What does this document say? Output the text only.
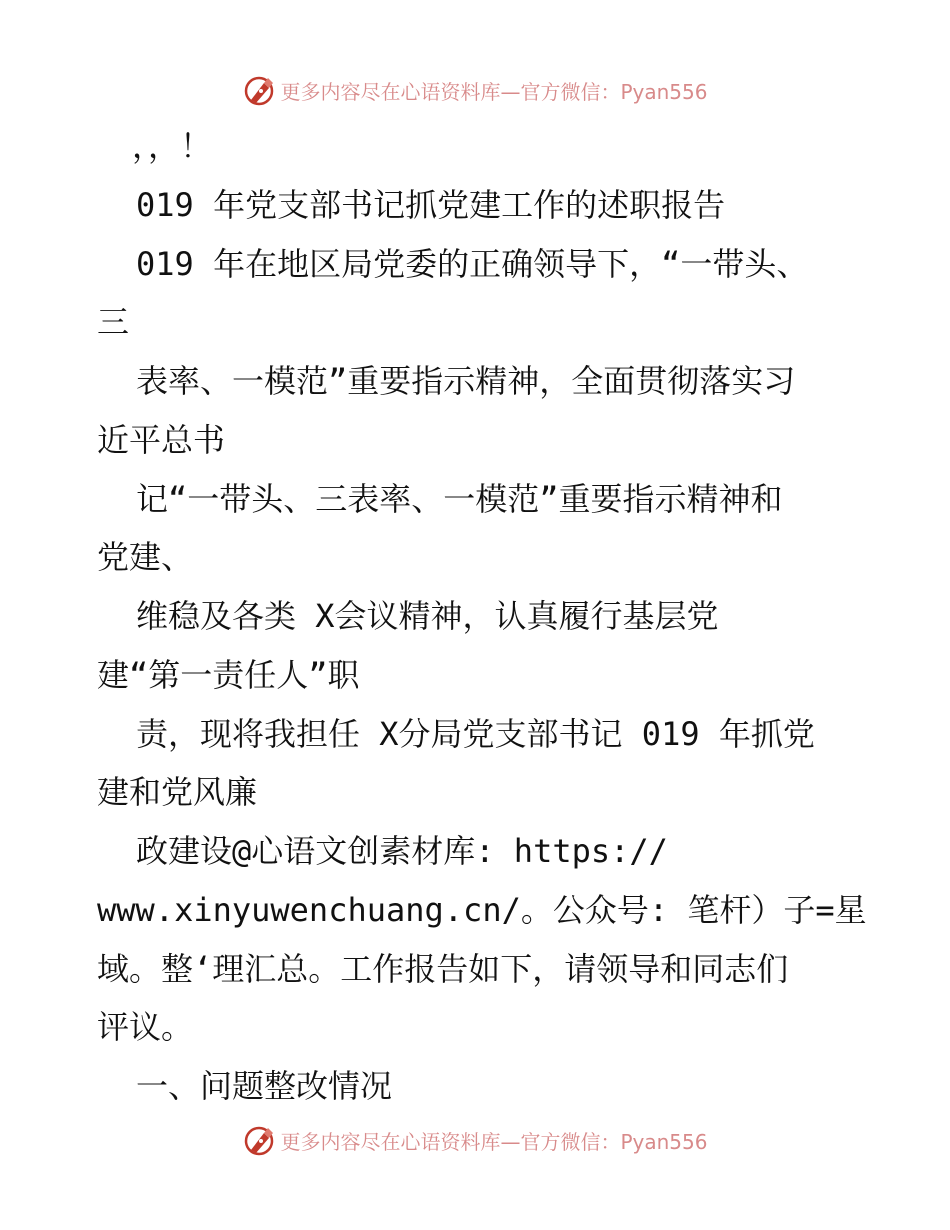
更多内容尽在心语资料库—官方微信：Pyan556
，，！
019 年党支部书记抓党建工作的述职报告
019 年在地区局党委的正确领导下，“一带头、
三
表率、一模范”重要指示精神，全面贯彻落实习
近平总书
记“一带头、三表率、一模范”重要指示精神和
党建、
维稳及各类 X会议精神，认真履行基层党
建“第一责任人”职
责，现将我担任 X分局党支部书记 019 年抓党
建和党风廉
政建设@心语文创素材库: https://
www.xinyuwenchuang.cn/。公众号: 笔杆）子=星
域。整‘理汇总。工作报告如下，请领导和同志们
评议。
一、问题整改情况
更多内容尽在心语资料库—官方微信：Pyan556
